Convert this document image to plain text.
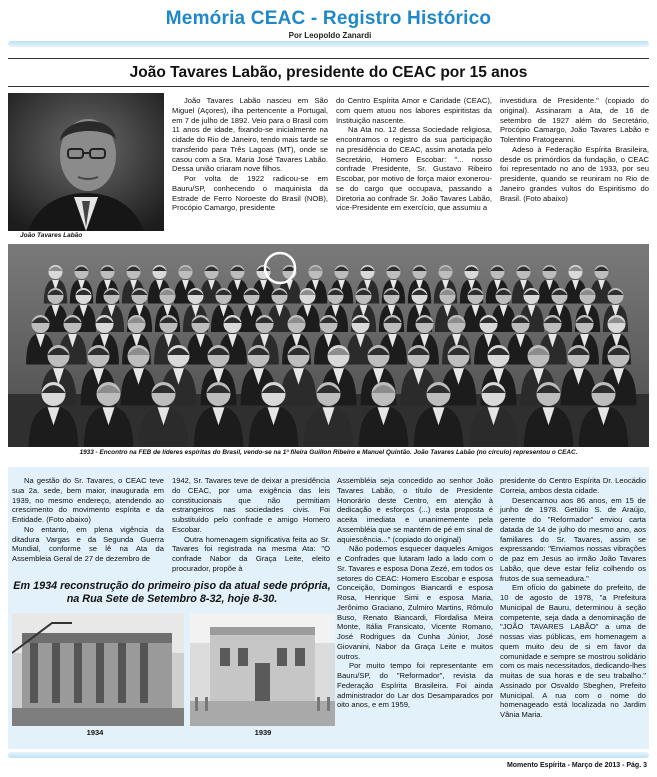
Memória CEAC - Registro Histórico
Por Leopoldo Zanardi
João Tavares Labão, presidente do CEAC por 15 anos
João Tavares Labão

João Tavares Labão nasceu em São Miguel (Açores), ilha pertencente a Portugal, em 7 de julho de 1892. Veio para o Brasil com 11 anos de idade, fixando-se inicialmente na cidade do Rio de Janeiro, tendo mais tarde se transferido para Três Lagoas (MT), onde se casou com a Sra. Maria José Tavares Labão. Dessa união criaram nove filhos.

Por volta de 1922 radicou-se em Bauru/SP, conhecendo o maquinista da Estrade de Ferro Noroeste do Brasil (NOB), Procópio Camargo, presidente

do Centro Espírita Amor e Caridade (CEAC), com quem atuou nos labores espiritistas da Instituição nascente.

Na Ata no. 12 dessa Sociedade religiosa, encontramos o registro da sua participação na presidência do CEAC, assim anotada pelo Secretário, Homero Escobar: "... nosso confrade Presidente, Sr. Gustavo Ribeiro Escobar, por motivo de força maior exonerou-se do cargo que occupava, passando a Diretoria ao confrade Sr. João Tavares Labão, vice-Presidente em exercício, que assumiu a

investidura de Presidente." (copiado do original). Assinaram a Ata, de 16 de setembro de 1927 além do Secretário, Procópio Camargo, João Tavares Labão e Tolentino Fratogeanni.

Adeso à Federação Espírita Brasileira, desde os primórdios da fundação, o CEAC foi representado no ano de 1933, por seu presidente, quando se reuniram no Rio de Janeiro grandes vultos do Espiritismo do Brasil. (Foto abaixo)

1933 - Encontro na FEB de líderes espíritas do Brasil, vendo-se na 1ª fileira Guillon Ribeiro e Manuel Quintão. João Tavares Labão (no círculo) representou o CEAC.

Na gestão do Sr. Tavares, o CEAC teve sua 2a. sede, bem maior, inaugurada em 1939, no mesmo endereço, atendendo ao crescimento do movimento espírita e da Entidade. (Foto abaixo)

No entanto, em plena vigência da ditadura Vargas e da Segunda Guerra Mundial, conforme se lê na Ata da Assembleia Geral de 27 de dezembro de

1942, Sr. Tavares teve de deixar a presidência do CEAC, por uma exigência das leis constitucionais que não permitiam estrangeiros nas sociedades civis. Foi substituído pelo confrade e amigo Homero Escobar.

Outra homenagem significativa feita ao Sr. Tavares foi registrada na mesma Ata: "O confrade Nabor da Graça Leite, eleito procurador, propõe à

Assembléia seja concedido ao senhor João Tavares Labão, o título de Presidente Honorário deste Centro, em atenção à dedicação e esforços (...) esta proposta é aceita imediata e unanimemente pela Assembléia que se mantém de pé em sinal de aquiescência..." (copiado do original)

Não podemos esquecer daqueles Amigos e Confrades que lutaram lado a lado com o Sr. Tavares e esposa Dona Zezé, em todos os setores do CEAC: Homero Escobar e esposa Conceição, Domingos Biancardi e esposa Rosa, Henrique Simi e esposa Maria, Jerônimo Graciano, Zulmiro Martins, Rômulo Buso, Renato Biancardi, Flordalisa Meira Monte, Itália Fransicato, Vicente Romano, José Rodrigues da Cunha Júnior, José Giovanini, Nabor da Graça Leite e muitos outros.

Por muito tempo foi representante em Bauru/SP, do "Reformador", revista da Federação Espírita Brasileira. Foi ainda administrador do Lar dos Desamparados por oito anos, e em 1959,

presidente do Centro Espírita Dr. Leocádio Correia, ambos desta cidade.

Desencarnou aos 86 anos, em 15 de junho de 1978. Getúlio S. de Araújo, gerente do "Reformador" enviou carta datada de 14 de julho do mesmo ano, aos familiares do Sr. Tavares, assim se expressando: "Enviamos nossas vibrações de paz em Jesus ao irmão João Tavares Labão, que deve estar feliz colhendo os frutos de sua semeadura."

Em ofício do gabinete do prefeito, de 10 de agosto de 1978, "a Prefeitura Municipal de Bauru, determinou à seção competente, seja dada a denominação de "JOÃO TAVARES LABÃO" a uma de nossas vias públicas, em homenagem a quem muito deu de si em favor da comunidade e sempre se mostrou solidário com os mais necessitados, dedicando-lhes muitas de sua horas e de seu trabalho." Assinado por Osvaldo Sbeghen, Prefeito Municipal. A rua com o nome do homenageado está localizada no Jardim Vânia Maria.

Em 1934 reconstrução do primeiro piso da atual sede própria, na Rua Sete de Setembro 8-32, hoje 8-30.
1934	1939
Momento Espírita - Março de 2013 - Pág. 3
